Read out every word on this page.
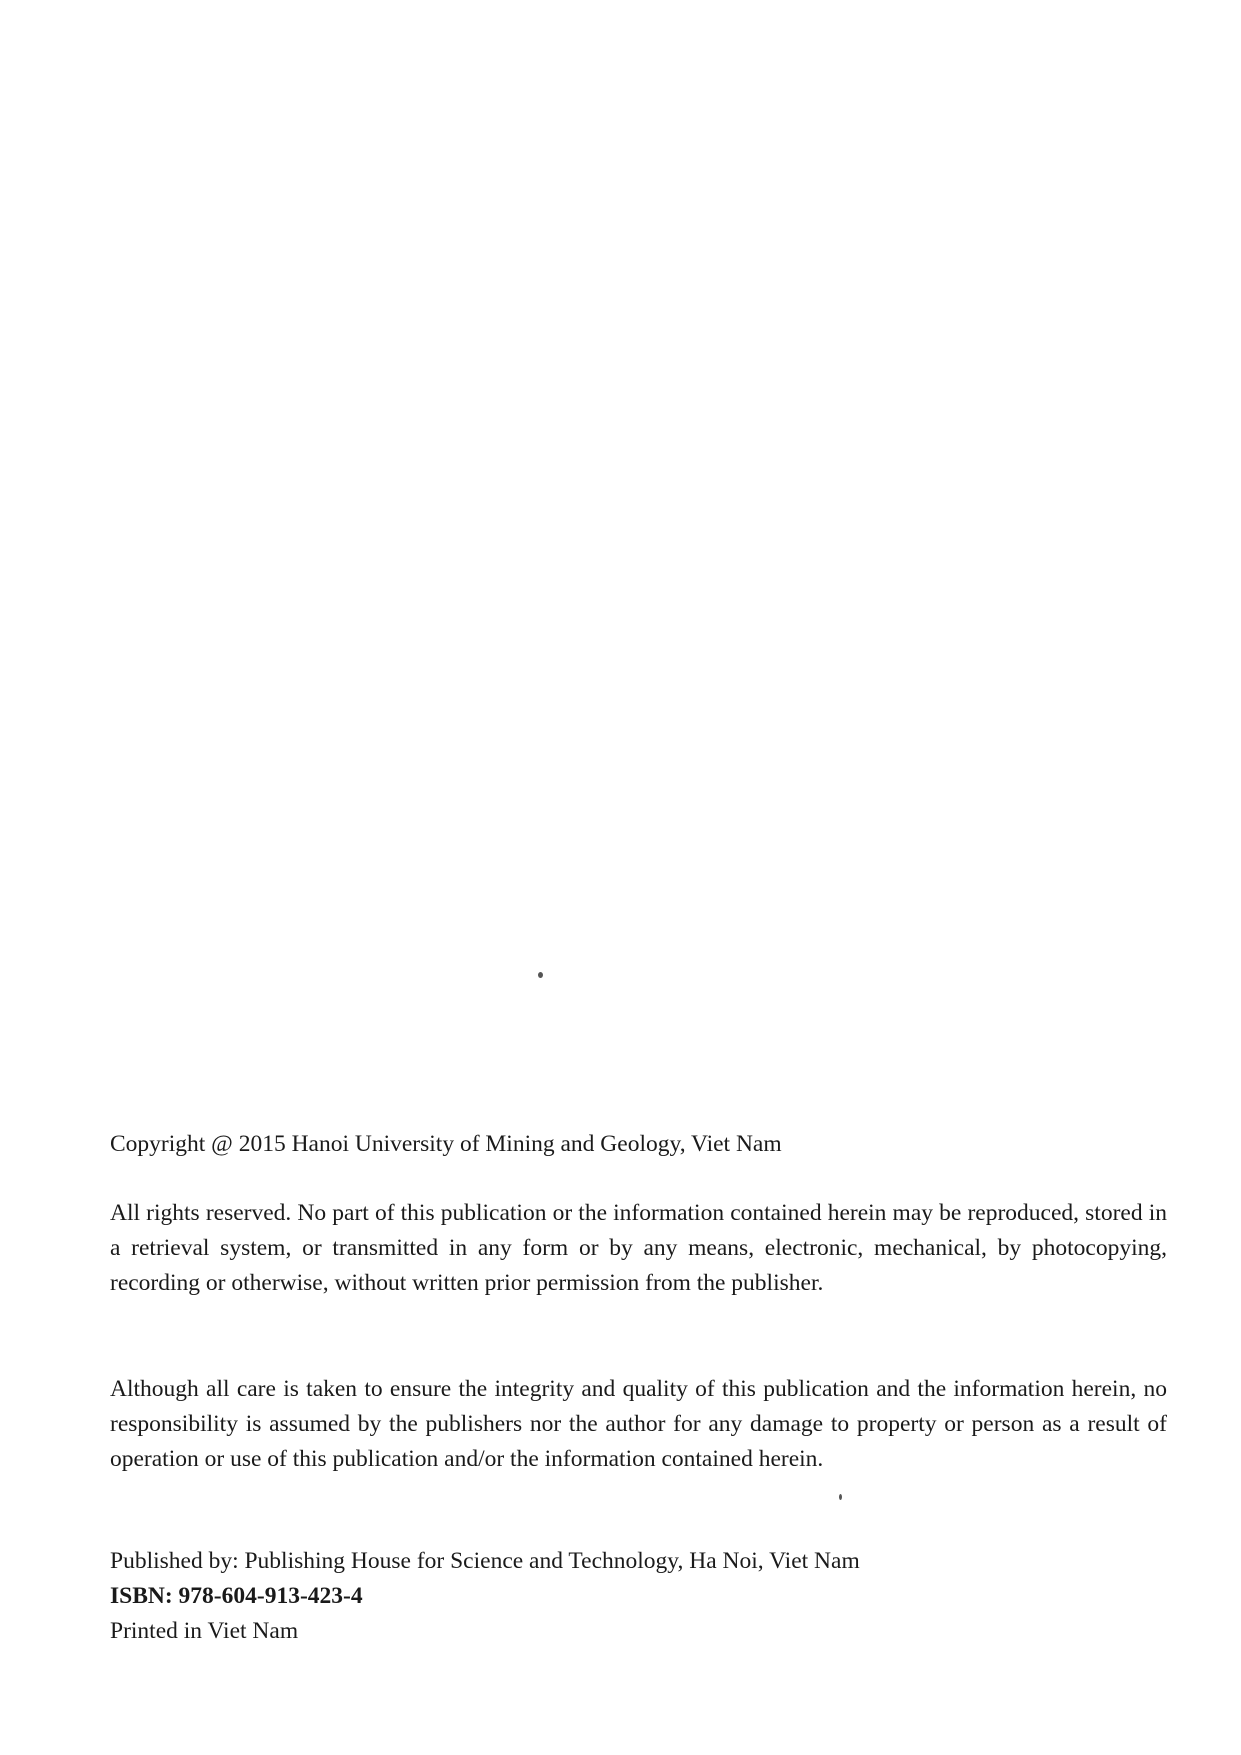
Copyright @ 2015 Hanoi University of Mining and Geology, Viet Nam

All rights reserved. No part of this publication or the information contained herein may be reproduced, stored in a retrieval system, or transmitted in any form or by any means, electronic, mechanical, by photocopying, recording or otherwise, without written prior permission from the publisher.

Although all care is taken to ensure the integrity and quality of this publication and the information herein, no responsibility is assumed by the publishers nor the author for any damage to property or person as a result of operation or use of this publication and/or the information contained herein.

Published by: Publishing House for Science and Technology, Ha Noi, Viet Nam
ISBN: 978-604-913-423-4
Printed in Viet Nam
